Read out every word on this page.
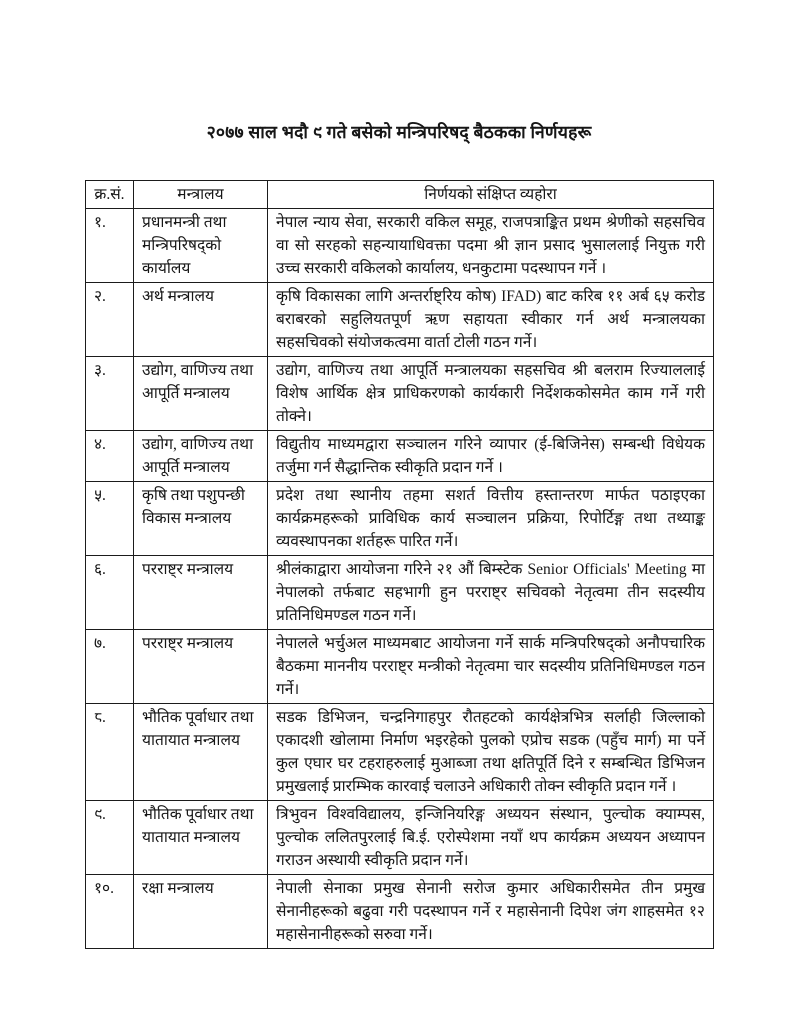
२०७७ साल भदौ ९ गते बसेको मन्त्रिपरिषद् बैठकका निर्णयहरू
क्र.सं.	मन्त्रालय	निर्णयको संक्षिप्त व्यहोरा
१.	प्रधानमन्त्री तथा मन्त्रिपरिषद्को कार्यालय	नेपाल न्याय सेवा, सरकारी वकिल समूह, राजपत्राङ्कित प्रथम श्रेणीको सहसचिव वा सो सरहको सहन्यायाधिवक्ता पदमा श्री ज्ञान प्रसाद भुसाललाई नियुक्त गरी उच्च सरकारी वकिलको कार्यालय, धनकुटामा पदस्थापन गर्ने ।
२.	अर्थ मन्त्रालय	कृषि विकासका लागि अन्तर्राष्ट्रिय कोष) IFAD) बाट करिब ११ अर्ब ६५ करोड बराबरको सहुलियतपूर्ण ऋण सहायता स्वीकार गर्न अर्थ मन्त्रालयका सहसचिवको संयोजकत्वमा वार्ता टोली गठन गर्ने।
३.	उद्योग, वाणिज्य तथा आपूर्ति मन्त्रालय	उद्योग, वाणिज्य तथा आपूर्ति मन्त्रालयका सहसचिव श्री बलराम रिज्याललाई विशेष आर्थिक क्षेत्र प्राधिकरणको कार्यकारी निर्देशककोसमेत काम गर्ने गरी तोक्ने।
४.	उद्योग, वाणिज्य तथा आपूर्ति मन्त्रालय	विद्युतीय माध्यमद्वारा सञ्चालन गरिने व्यापार (ई-बिजिनेस) सम्बन्धी विधेयक तर्जुमा गर्न सैद्धान्तिक स्वीकृति प्रदान गर्ने ।
५.	कृषि तथा पशुपन्छी विकास मन्त्रालय	प्रदेश तथा स्थानीय तहमा सशर्त वित्तीय हस्तान्तरण मार्फत पठाइएका कार्यक्रमहरूको प्राविधिक कार्य सञ्चालन प्रक्रिया, रिपोर्टिङ्ग तथा तथ्याङ्क व्यवस्थापनका शर्तहरू पारित गर्ने।
६.	परराष्ट्र मन्त्रालय	श्रीलंकाद्वारा आयोजना गरिने २१ औं बिम्स्टेक Senior Officials' Meeting मा नेपालको तर्फबाट सहभागी हुन परराष्ट्र सचिवको नेतृत्वमा तीन सदस्यीय प्रतिनिधिमण्डल गठन गर्ने।
७.	परराष्ट्र मन्त्रालय	नेपालले भर्चुअल माध्यमबाट आयोजना गर्ने सार्क मन्त्रिपरिषद्को अनौपचारिक बैठकमा माननीय परराष्ट्र मन्त्रीको नेतृत्वमा चार सदस्यीय प्रतिनिधिमण्डल गठन गर्ने।
८.	भौतिक पूर्वाधार तथा यातायात मन्त्रालय	सडक डिभिजन, चन्द्रनिगाहपुर रौतहटको कार्यक्षेत्रभित्र सर्लाही जिल्लाको एकादशी खोलामा निर्माण भइरहेको पुलको एप्रोच सडक (पहुँच मार्ग) मा पर्ने कुल एघार घर टहराहरुलाई मुआब्जा तथा क्षतिपूर्ति दिने र सम्बन्धित डिभिजन प्रमुखलाई प्रारम्भिक कारवाई चलाउने अधिकारी तोक्न स्वीकृति प्रदान गर्ने ।
९.	भौतिक पूर्वाधार तथा यातायात मन्त्रालय	त्रिभुवन विश्वविद्यालय, इन्जिनियरिङ्ग अध्ययन संस्थान, पुल्चोक क्याम्पस, पुल्चोक ललितपुरलाई बि.ई. एरोस्पेशमा नयाँ थप कार्यक्रम अध्ययन अध्यापन गराउन अस्थायी स्वीकृति प्रदान गर्ने।
१०.	रक्षा मन्त्रालय	नेपाली सेनाका प्रमुख सेनानी सरोज कुमार अधिकारीसमेत तीन प्रमुख सेनानीहरूको बढुवा गरी पदस्थापन गर्ने र महासेनानी दिपेश जंग शाहसमेत १२ महासेनानीहरूको सरुवा गर्ने।
